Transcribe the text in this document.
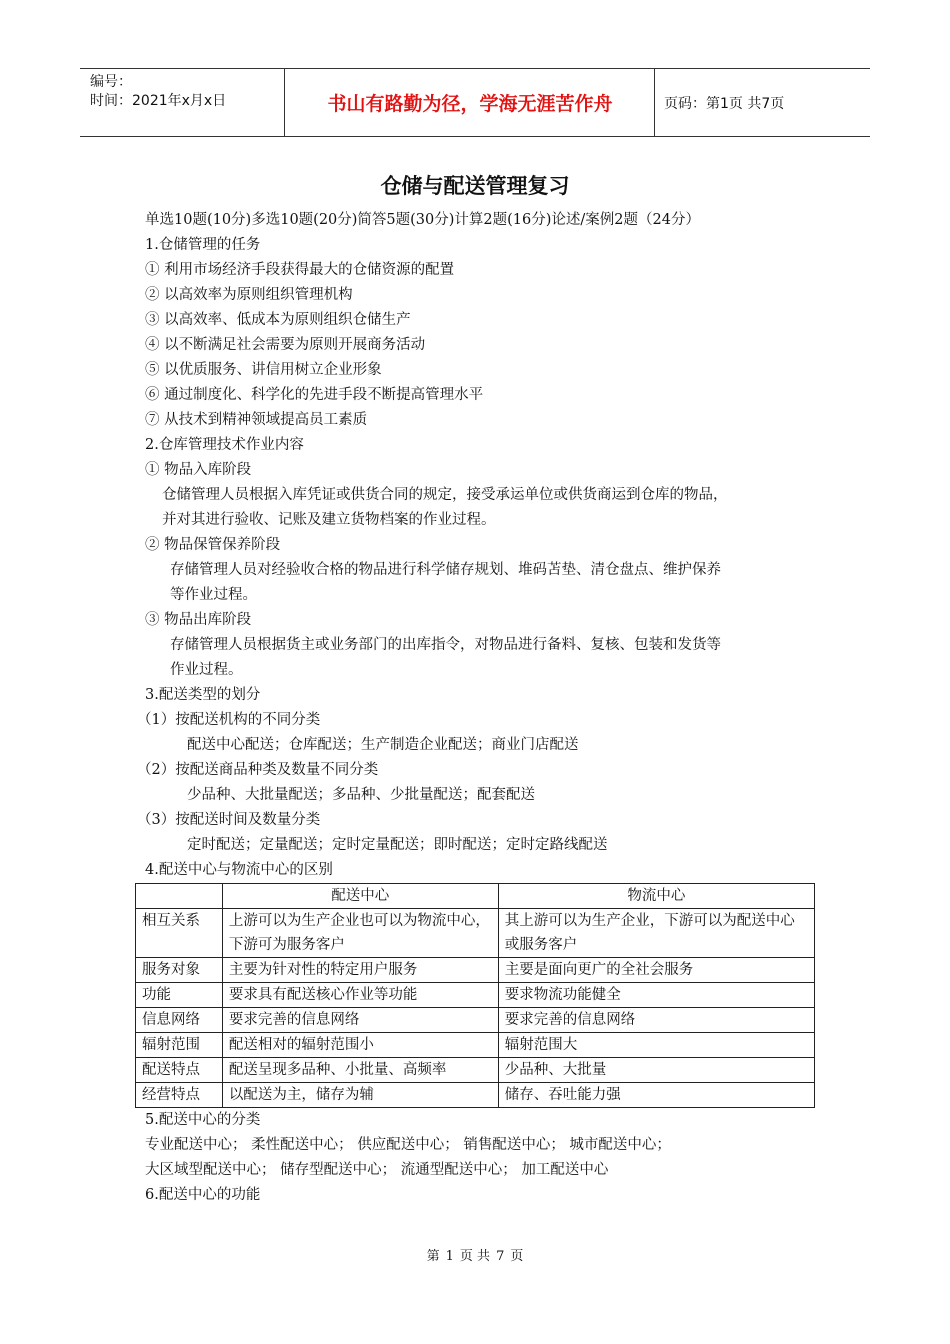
编号：
时间：2021年x月x日	书山有路勤为径，学海无涯苦作舟	页码：第1页 共7页
仓储与配送管理复习
单选10题(10分)多选10题(20分)简答5题(30分)计算2题(16分)论述/案例2题（24分）
1.仓储管理的任务
① 利用市场经济手段获得最大的仓储资源的配置
② 以高效率为原则组织管理机构
③ 以高效率、低成本为原则组织仓储生产
④ 以不断满足社会需要为原则开展商务活动
⑤ 以优质服务、讲信用树立企业形象
⑥ 通过制度化、科学化的先进手段不断提高管理水平
⑦ 从技术到精神领域提高员工素质
2.仓库管理技术作业内容
① 物品入库阶段
仓储管理人员根据入库凭证或供货合同的规定，接受承运单位或供货商运到仓库的物品，
并对其进行验收、记账及建立货物档案的作业过程。
② 物品保管保养阶段
存储管理人员对经验收合格的物品进行科学储存规划、堆码苫垫、清仓盘点、维护保养
等作业过程。
③ 物品出库阶段
存储管理人员根据货主或业务部门的出库指令，对物品进行备料、复核、包装和发货等
作业过程。
3.配送类型的划分
（1）按配送机构的不同分类
配送中心配送；仓库配送；生产制造企业配送；商业门店配送
（2）按配送商品种类及数量不同分类
少品种、大批量配送；多品种、少批量配送；配套配送
（3）按配送时间及数量分类
定时配送；定量配送；定时定量配送；即时配送；定时定路线配送
4.配送中心与物流中心的区别
	配送中心	物流中心
相互关系	上游可以为生产企业也可以为物流中心，下游可为服务客户	其上游可以为生产企业，下游可以为配送中心或服务客户
服务对象	主要为针对性的特定用户服务	主要是面向更广的全社会服务
功能	要求具有配送核心作业等功能	要求物流功能健全
信息网络	要求完善的信息网络	要求完善的信息网络
辐射范围	配送相对的辐射范围小	辐射范围大
配送特点	配送呈现多品种、小批量、高频率	少品种、大批量
经营特点	以配送为主，储存为辅	储存、吞吐能力强
5.配送中心的分类
专业配送中心； 柔性配送中心； 供应配送中心； 销售配送中心； 城市配送中心；
大区域型配送中心； 储存型配送中心； 流通型配送中心； 加工配送中心
6.配送中心的功能
第 1 页 共 7 页
